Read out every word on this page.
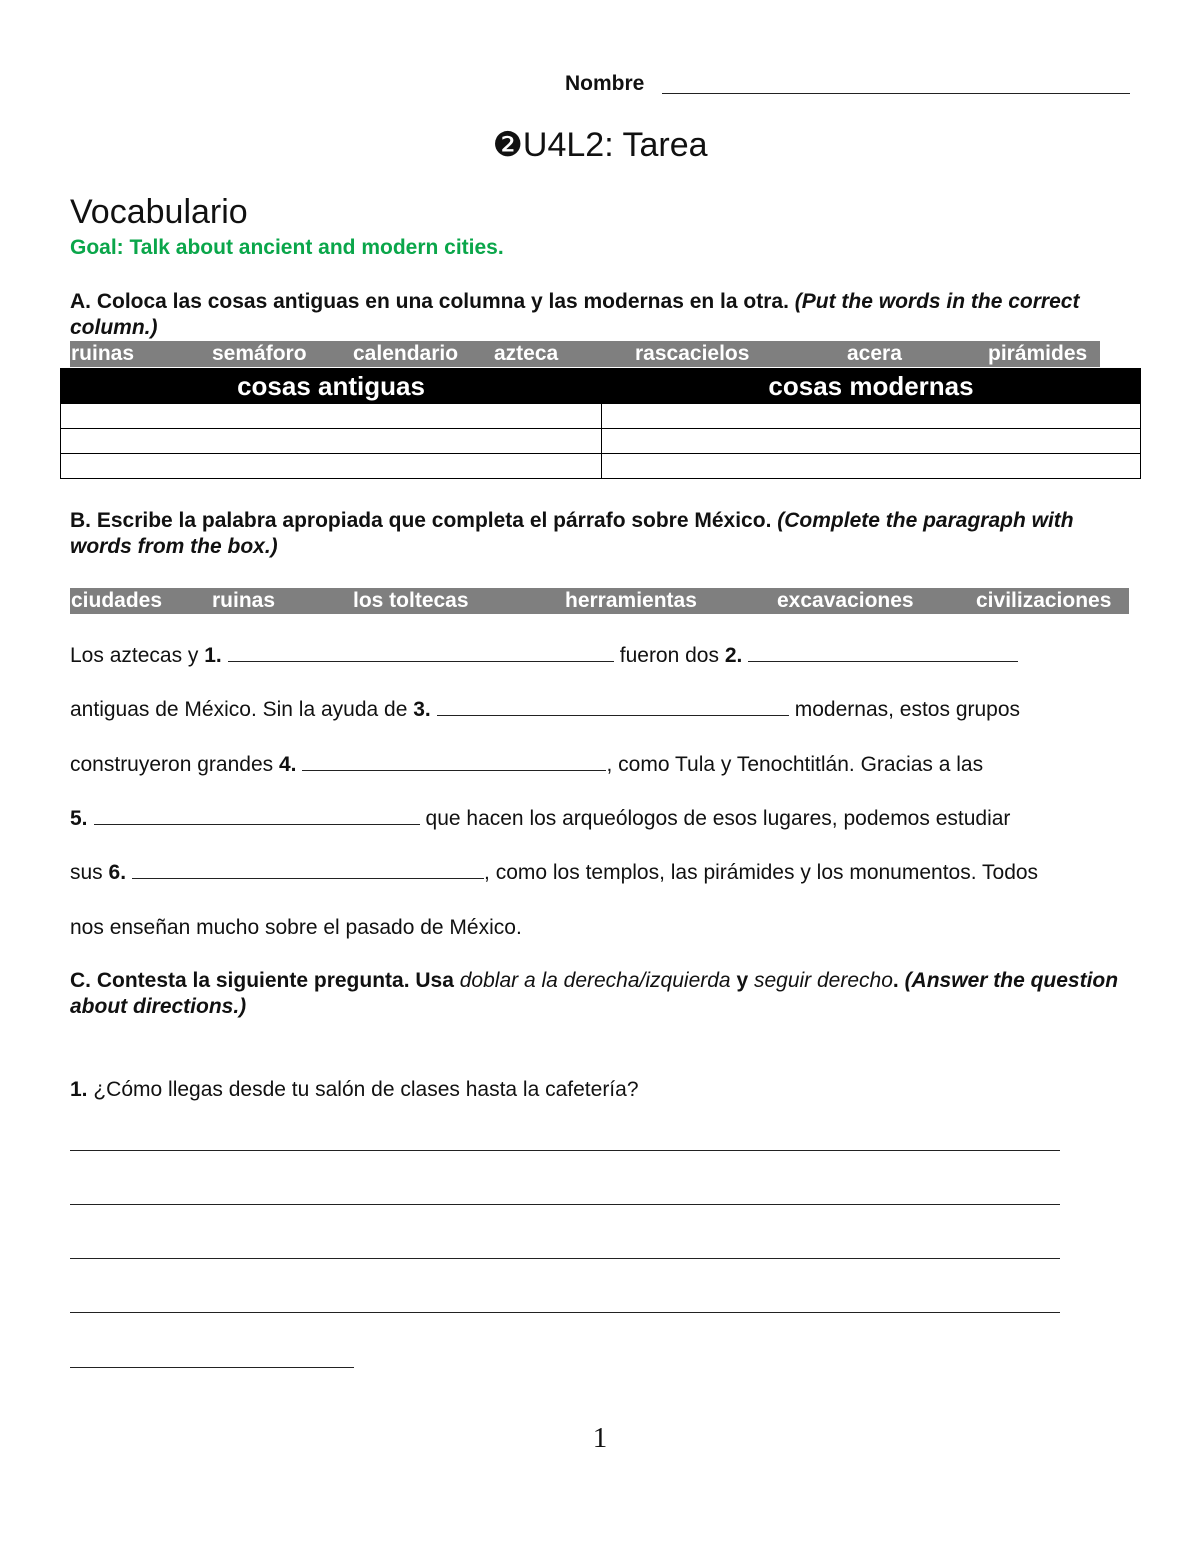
Nombre
❷U4L2: Tarea
Vocabulario
Goal: Talk about ancient and modern cities.
A. Coloca las cosas antiguas en una columna y las modernas en la otra. (Put the words in the correct column.)
ruinas	semáforo calendario azteca	rascacielos	acera	pirámides
cosas antiguas	cosas modernas

B. Escribe la palabra apropiada que completa el párrafo sobre México. (Complete the paragraph with words from the box.)
ciudades ruinas	los toltecas	herramientas	excavaciones	civilizaciones
Los aztecas y 1.	fueron dos 2.
antiguas de México. Sin la ayuda de 3.	modernas, estos grupos
construyeron grandes 4.	, como Tula y Tenochtitlán. Gracias a las
5.	que hacen los arqueólogos de esos lugares, podemos estudiar
sus 6.	, como los templos, las pirámides y los monumentos. Todos
nos enseñan mucho sobre el pasado de México.
C. Contesta la siguiente pregunta. Usa doblar a la derecha/izquierda y seguir derecho. (Answer the question about directions.)
1. ¿Cómo llegas desde tu salón de clases hasta la cafetería?
1
